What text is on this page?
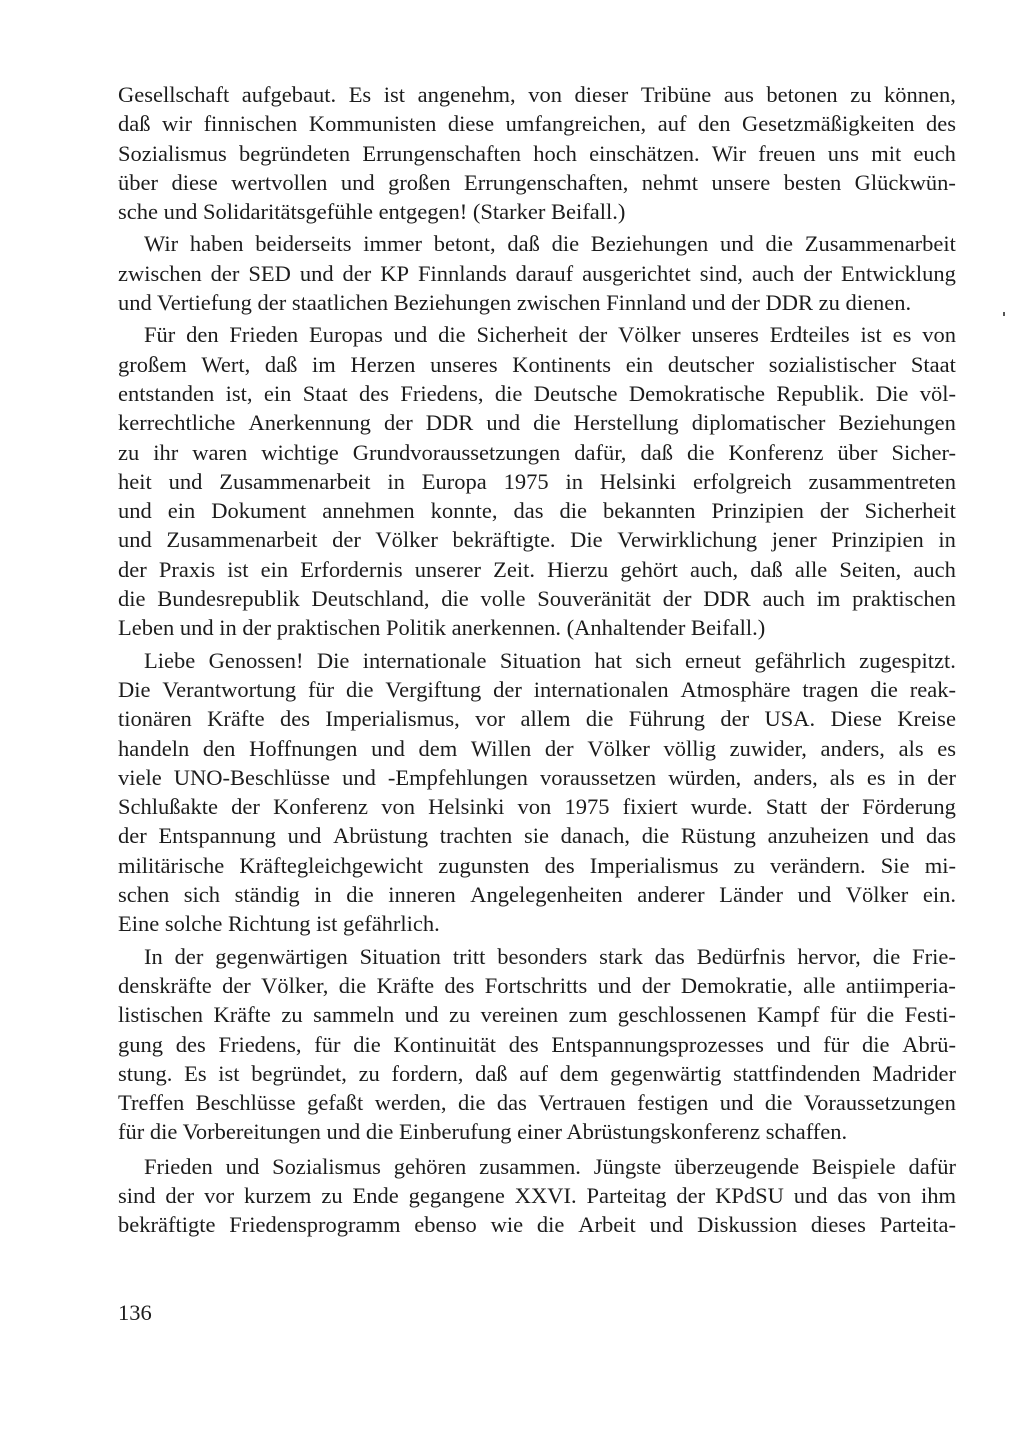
Gesellschaft aufgebaut. Es ist angenehm, von dieser Tribüne aus betonen zu können,
daß wir finnischen Kommunisten diese umfangreichen, auf den Gesetzmäßigkeiten des
Sozialismus begründeten Errungenschaften hoch einschätzen. Wir freuen uns mit euch
über diese wertvollen und großen Errungenschaften, nehmt unsere besten Glückwün-
sche und Solidaritätsgefühle entgegen! (Starker Beifall.)
Wir haben beiderseits immer betont, daß die Beziehungen und die Zusammenarbeit
zwischen der SED und der KP Finnlands darauf ausgerichtet sind, auch der Entwicklung
und Vertiefung der staatlichen Beziehungen zwischen Finnland und der DDR zu dienen.
Für den Frieden Europas und die Sicherheit der Völker unseres Erdteiles ist es von
großem Wert, daß im Herzen unseres Kontinents ein deutscher sozialistischer Staat
entstanden ist, ein Staat des Friedens, die Deutsche Demokratische Republik. Die völ-
kerrechtliche Anerkennung der DDR und die Herstellung diplomatischer Beziehungen
zu ihr waren wichtige Grundvoraussetzungen dafür, daß die Konferenz über Sicher-
heit und Zusammenarbeit in Europa 1975 in Helsinki erfolgreich zusammentreten
und ein Dokument annehmen konnte, das die bekannten Prinzipien der Sicherheit
und Zusammenarbeit der Völker bekräftigte. Die Verwirklichung jener Prinzipien in
der Praxis ist ein Erfordernis unserer Zeit. Hierzu gehört auch, daß alle Seiten, auch
die Bundesrepublik Deutschland, die volle Souveränität der DDR auch im praktischen
Leben und in der praktischen Politik anerkennen. (Anhaltender Beifall.)
Liebe Genossen! Die internationale Situation hat sich erneut gefährlich zugespitzt.
Die Verantwortung für die Vergiftung der internationalen Atmosphäre tragen die reak-
tionären Kräfte des Imperialismus, vor allem die Führung der USA. Diese Kreise
handeln den Hoffnungen und dem Willen der Völker völlig zuwider, anders, als es
viele UNO-Beschlüsse und -Empfehlungen voraussetzen würden, anders, als es in der
Schlußakte der Konferenz von Helsinki von 1975 fixiert wurde. Statt der Förderung
der Entspannung und Abrüstung trachten sie danach, die Rüstung anzuheizen und das
militärische Kräftegleichgewicht zugunsten des Imperialismus zu verändern. Sie mi-
schen sich ständig in die inneren Angelegenheiten anderer Länder und Völker ein.
Eine solche Richtung ist gefährlich.
In der gegenwärtigen Situation tritt besonders stark das Bedürfnis hervor, die Frie-
denskräfte der Völker, die Kräfte des Fortschritts und der Demokratie, alle antiimperia-
listischen Kräfte zu sammeln und zu vereinen zum geschlossenen Kampf für die Festi-
gung des Friedens, für die Kontinuität des Entspannungsprozesses und für die Abrü-
stung. Es ist begründet, zu fordern, daß auf dem gegenwärtig stattfindenden Madrider
Treffen Beschlüsse gefaßt werden, die das Vertrauen festigen und die Voraussetzungen
für die Vorbereitungen und die Einberufung einer Abrüstungskonferenz schaffen.
Frieden und Sozialismus gehören zusammen. Jüngste überzeugende Beispiele dafür
sind der vor kurzem zu Ende gegangene XXVI. Parteitag der KPdSU und das von ihm
bekräftigte Friedensprogramm ebenso wie die Arbeit und Diskussion dieses Parteita-
136
